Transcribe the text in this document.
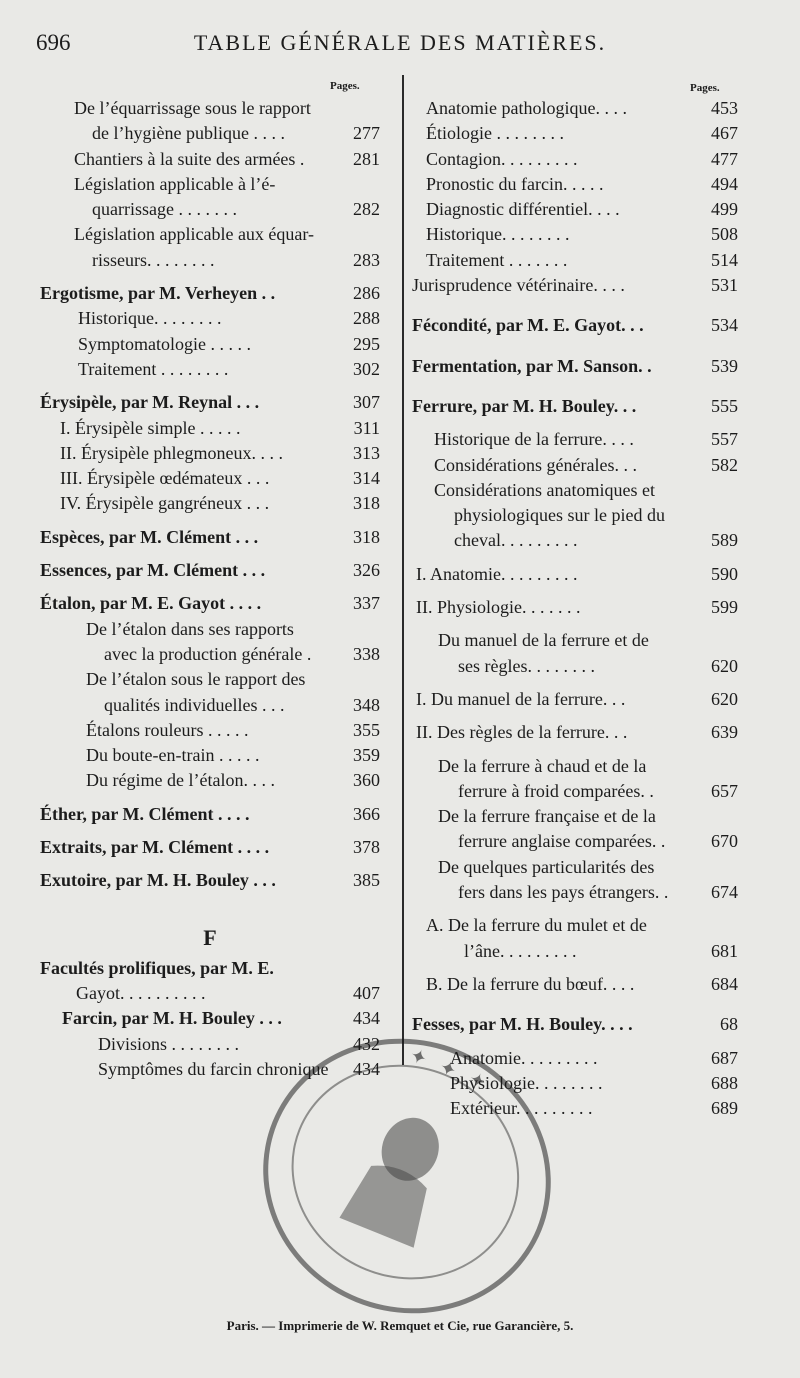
696	TABLE GÉNÉRALE DES MATIÈRES.
Pages.	Pages.
De l’équarrissage sous le rapport
de l’hygiène publique . . . .	277
Chantiers à la suite des armées .	281
Législation applicable à l’é-
quarrissage . . . . . . .	282
Législation applicable aux équar-
risseurs. . . . . . . .	283
Ergotisme, par M. Verheyen . .	286
Historique. . . . . . . .	288
Symptomatologie . . . . .	295
Traitement . . . . . . . .	302
Érysipèle, par M. Reynal . . .	307
I. Érysipèle simple . . . . .	311
II. Érysipèle phlegmoneux. . . .	313
III. Érysipèle œdémateux . . .	314
IV. Érysipèle gangréneux . . .	318
Espèces, par M. Clément . . .	318
Essences, par M. Clément . . .	326
Étalon, par M. E. Gayot . . . .	337
De l’étalon dans ses rapports
avec la production générale . 338
De l’étalon sous le rapport des
qualités individuelles . . .	348
Étalons rouleurs . . . . .	355
Du boute-en-train . . . . .	359
Du régime de l’étalon. . . .	360
Éther, par M. Clément . . . .	366
Extraits, par M. Clément . . . .	378
Exutoire, par M. H. Bouley . . .	385
F
Facultés prolifiques, par M. E.
Gayot. . . . . . . . . .	407
Farcin, par M. H. Bouley . . .	434
Divisions . . . . . . . .	432
Symptômes du farcin chronique 434
Anatomie pathologique. . . .	453
Étiologie . . . . . . . .	467
Contagion. . . . . . . . .	477
Pronostic du farcin. . . . .	494
Diagnostic différentiel. . . .	499
Historique. . . . . . . .	508
Traitement . . . . . . .	514
Jurisprudence vétérinaire. . . .	531
Fécondité, par M. E. Gayot. . .	534
Fermentation, par M. Sanson. .	539
Ferrure, par M. H. Bouley. . .	555
Historique de la ferrure. . . .	557
Considérations générales. . .	582
Considérations anatomiques et
physiologiques sur le pied du
cheval. . . . . . . . .	589
I. Anatomie. . . . . . . . .	590
II. Physiologie. . . . . . .	599
Du manuel de la ferrure et de
ses règles. . . . . . . .	620
I. Du manuel de la ferrure. . .	620
II. Des règles de la ferrure. . .	639
De la ferrure à chaud et de la
ferrure à froid comparées. .	657
De la ferrure française et de la
ferrure anglaise comparées. .	670
De quelques particularités des
fers dans les pays étrangers. . 674
A. De la ferrure du mulet et de
l’âne. . . . . . . . .	681
B. De la ferrure du bœuf. . . .	684
Fesses, par M. H. Bouley. . . .	68
Anatomie. . . . . . . . .	687
Physiologie. . . . . . . .	688
Extérieur. . . . . . . . .	689
✦ ✦ ✦
Paris. — Imprimerie de W. Remquet et Cie, rue Garancière, 5.
